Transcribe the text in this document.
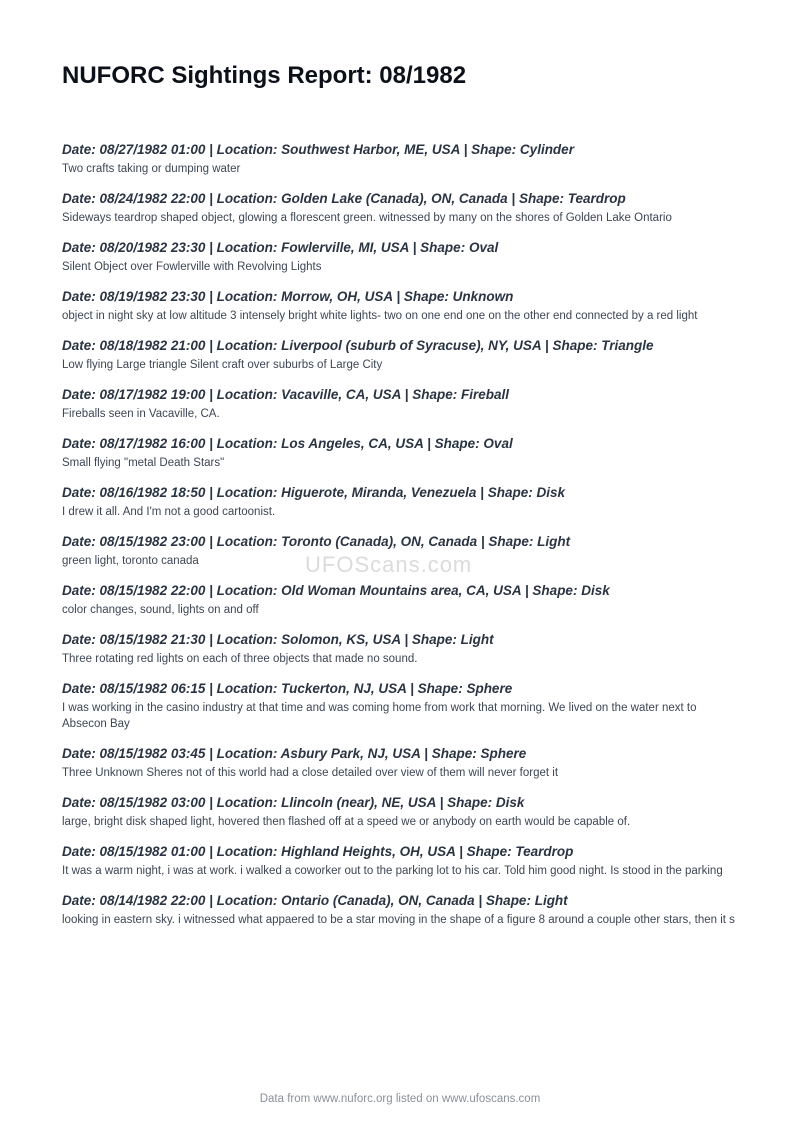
NUFORC Sightings Report: 08/1982
Date: 08/27/1982 01:00 | Location: Southwest Harbor, ME, USA | Shape: Cylinder
Two crafts taking or dumping water
Date: 08/24/1982 22:00 | Location: Golden Lake (Canada), ON, Canada | Shape: Teardrop
Sideways teardrop shaped object, glowing a florescent green. witnessed by many on the shores of Golden Lake Ontario
Date: 08/20/1982 23:30 | Location: Fowlerville, MI, USA | Shape: Oval
Silent Object over Fowlerville with Revolving Lights
Date: 08/19/1982 23:30 | Location: Morrow, OH, USA | Shape: Unknown
object in night sky at low altitude 3 intensely bright white lights- two on one end one on the other end connected by a red light
Date: 08/18/1982 21:00 | Location: Liverpool (suburb of Syracuse), NY, USA | Shape: Triangle
Low flying Large triangle Silent craft over suburbs of Large City
Date: 08/17/1982 19:00 | Location: Vacaville, CA, USA | Shape: Fireball
Fireballs seen in Vacaville, CA.
Date: 08/17/1982 16:00 | Location: Los Angeles, CA, USA | Shape: Oval
Small flying "metal Death Stars"
Date: 08/16/1982 18:50 | Location: Higuerote, Miranda, Venezuela | Shape: Disk
I drew it all. And I'm not a good cartoonist.
Date: 08/15/1982 23:00 | Location: Toronto (Canada), ON, Canada | Shape: Light
green light, toronto canada
Date: 08/15/1982 22:00 | Location: Old Woman Mountains area, CA, USA | Shape: Disk
color changes, sound, lights on and off
Date: 08/15/1982 21:30 | Location: Solomon, KS, USA | Shape: Light
Three rotating red lights on each of three objects that made no sound.
Date: 08/15/1982 06:15 | Location: Tuckerton, NJ, USA | Shape: Sphere
I was working in the casino industry at that time and was coming home from work that morning. We lived on the water next to Absecon Bay
Date: 08/15/1982 03:45 | Location: Asbury Park, NJ, USA | Shape: Sphere
Three Unknown Sheres not of this world had a close detailed over view of them will never forget it
Date: 08/15/1982 03:00 | Location: Llincoln (near), NE, USA | Shape: Disk
large, bright disk shaped light, hovered then flashed off at a speed we or anybody on earth would be capable of.
Date: 08/15/1982 01:00 | Location: Highland Heights, OH, USA | Shape: Teardrop
It was a warm night, i was at work. i walked a coworker out to the parking lot to his car. Told him good night. Is stood in the parking
Date: 08/14/1982 22:00 | Location: Ontario (Canada), ON, Canada | Shape: Light
looking in eastern sky. i witnessed what appaered to be a star moving in the shape of a figure 8 around a couple other stars, then it s
UFOScans.com
Data from www.nuforc.org listed on www.ufoscans.com
